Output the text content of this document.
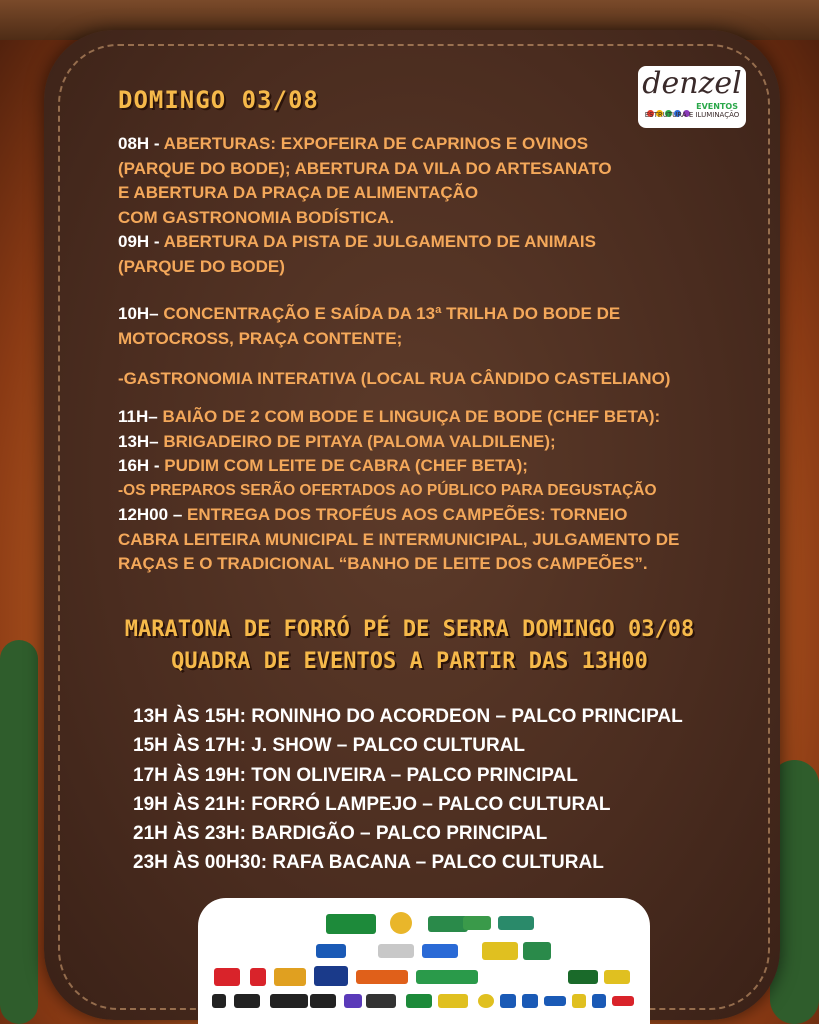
DOMINGO 03/08	denzel
$^{EVENTOS}$
ESTRUTURA E ILUMINAÇÃO
08H - ABERTURAS: EXPOFEIRA DE CAPRINOS E OVINOS
(PARQUE DO BODE); ABERTURA DA VILA DO ARTESANATO
E ABERTURA DA PRAÇA DE ALIMENTAÇÃO
COM GASTRONOMIA BODÍSTICA.
09H - ABERTURA DA PISTA DE JULGAMENTO DE ANIMAIS
(PARQUE DO BODE)
10H– CONCENTRAÇÃO E SAÍDA DA 13ª TRILHA DO BODE DE
MOTOCROSS, PRAÇA CONTENTE;
-GASTRONOMIA INTERATIVA (LOCAL RUA CÂNDIDO CASTELIANO)
11H– BAIÃO DE 2 COM BODE E LINGUIÇA DE BODE (CHEF BETA):
13H– BRIGADEIRO DE PITAYA (PALOMA VALDILENE);
16H - PUDIM COM LEITE DE CABRA (CHEF BETA);
-OS PREPAROS SERÃO OFERTADOS AO PÚBLICO PARA DEGUSTAÇÃO
12H00 – ENTREGA DOS TROFÉUS AOS CAMPEÕES: TORNEIO
CABRA LEITEIRA MUNICIPAL E INTERMUNICIPAL, JULGAMENTO DE
RAÇAS E O TRADICIONAL “BANHO DE LEITE DOS CAMPEÕES”.
MARATONA DE FORRÓ PÉ DE SERRA DOMINGO 03/08
QUADRA DE EVENTOS A PARTIR DAS 13H00
13H ÀS 15H: RONINHO DO ACORDEON – PALCO PRINCIPAL
15H ÀS 17H: J. SHOW – PALCO CULTURAL
17H ÀS 19H: TON OLIVEIRA – PALCO PRINCIPAL
19H ÀS 21H: FORRÓ LAMPEJO – PALCO CULTURAL
21H ÀS 23H: BARDIGÃO – PALCO PRINCIPAL
23H ÀS 00H30: RAFA BACANA – PALCO CULTURAL
